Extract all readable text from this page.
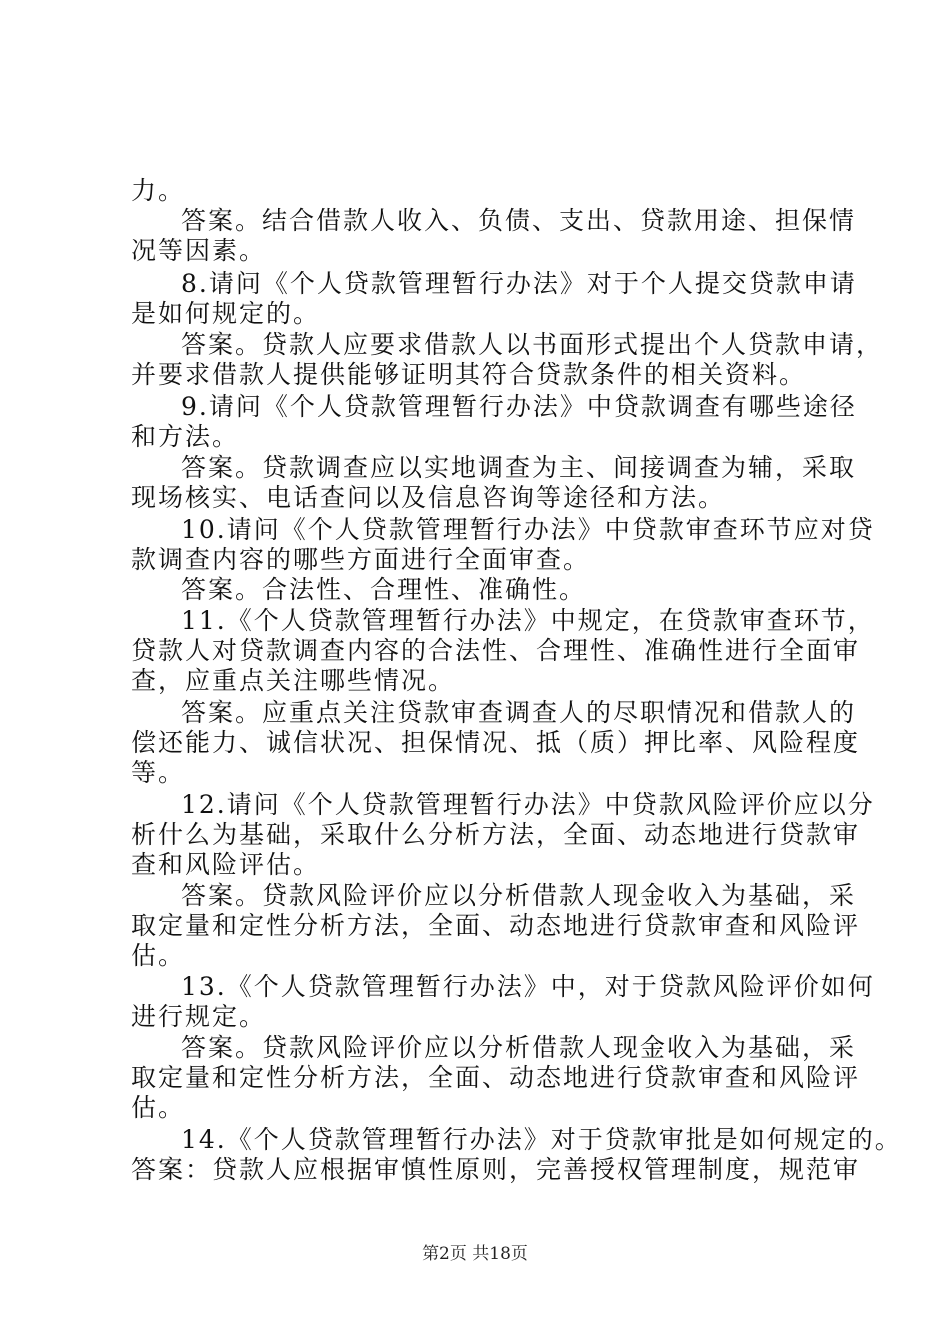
力。

答案。结合借款人收入、负债、支出、贷款用途、担保情

况等因素。

8.请问《个人贷款管理暂行办法》对于个人提交贷款申请

是如何规定的。

答案。贷款人应要求借款人以书面形式提出个人贷款申请，

并要求借款人提供能够证明其符合贷款条件的相关资料。

9.请问《个人贷款管理暂行办法》中贷款调查有哪些途径

和方法。

答案。贷款调查应以实地调查为主、间接调查为辅，采取

现场核实、电话查问以及信息咨询等途径和方法。

10.请问《个人贷款管理暂行办法》中贷款审查环节应对贷

款调查内容的哪些方面进行全面审查。

答案。合法性、合理性、准确性。

11.《个人贷款管理暂行办法》中规定，在贷款审查环节，

贷款人对贷款调查内容的合法性、合理性、准确性进行全面审

查，应重点关注哪些情况。

答案。应重点关注贷款审查调查人的尽职情况和借款人的

偿还能力、诚信状况、担保情况、抵（质）押比率、风险程度

等。

12.请问《个人贷款管理暂行办法》中贷款风险评价应以分

析什么为基础，采取什么分析方法，全面、动态地进行贷款审

查和风险评估。

答案。贷款风险评价应以分析借款人现金收入为基础，采

取定量和定性分析方法，全面、动态地进行贷款审查和风险评

估。

13.《个人贷款管理暂行办法》中，对于贷款风险评价如何

进行规定。

答案。贷款风险评价应以分析借款人现金收入为基础，采

取定量和定性分析方法，全面、动态地进行贷款审查和风险评

估。

14.《个人贷款管理暂行办法》对于贷款审批是如何规定的。

答案：贷款人应根据审慎性原则，完善授权管理制度，规范审

第2页 共18页
